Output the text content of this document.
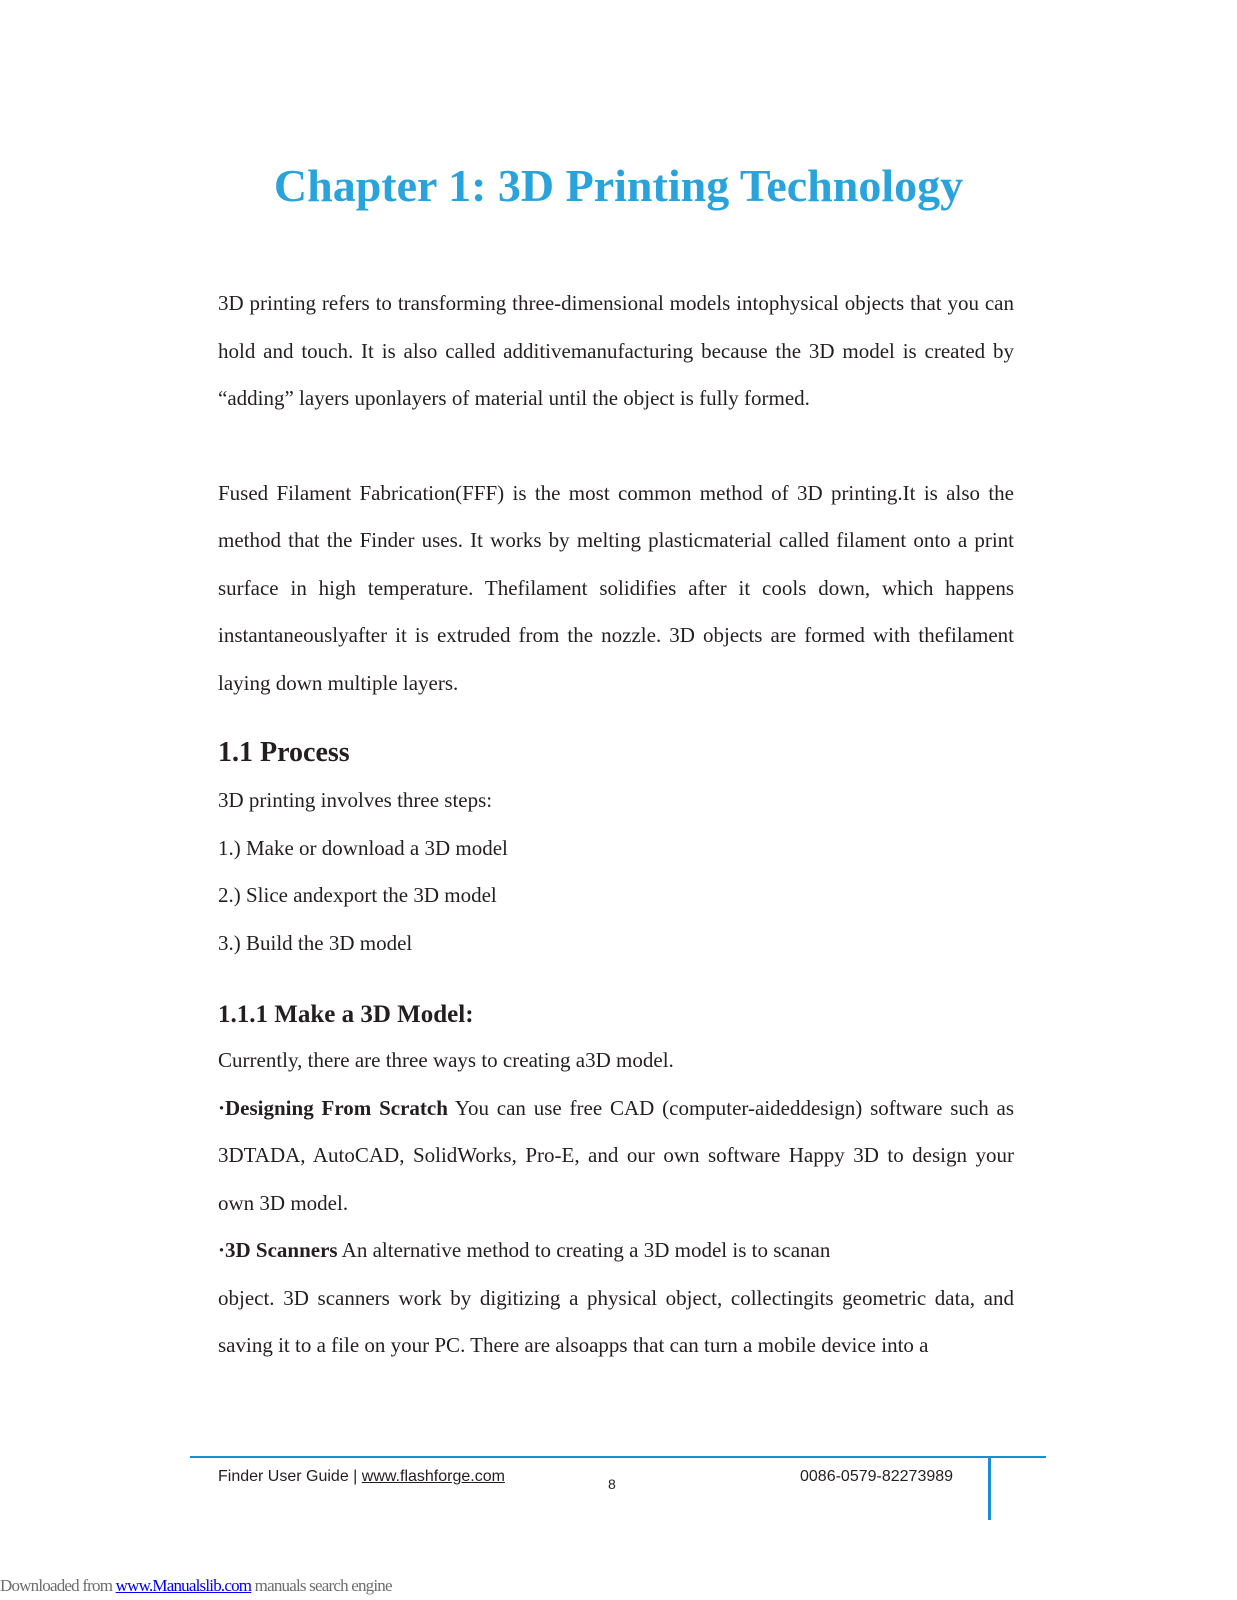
Chapter 1: 3D Printing Technology

3D printing refers to transforming three-dimensional models intophysical objects that you can hold and touch. It is also called additivemanufacturing because the 3D model is created by “adding” layers uponlayers of material until the object is fully formed.

Fused Filament Fabrication(FFF) is the most common method of 3D printing.It is also the method that the Finder uses. It works by melting plasticmaterial called filament onto a print surface in high temperature. Thefilament solidifies after it cools down, which happens instantaneouslyafter it is extruded from the nozzle. 3D objects are formed with thefilament laying down multiple layers.

1.1 Process

3D printing involves three steps:

1.) Make or download a 3D model

2.) Slice andexport the 3D model

3.) Build the 3D model

1.1.1 Make a 3D Model:

Currently, there are three ways to creating a3D model.

·Designing From Scratch You can use free CAD (computer-aideddesign) software such as 3DTADA, AutoCAD, SolidWorks, Pro-E, and our own software Happy 3D to design your own 3D model.

·3D Scanners An alternative method to creating a 3D model is to scanan

object. 3D scanners work by digitizing a physical object, collectingits geometric data, and saving it to a file on your PC. There are alsoapps that can turn a mobile device into a

Finder User Guide | www.flashforge.com	8	0086-0579-82273989
Downloaded from www.Manualslib.com manuals search engine
